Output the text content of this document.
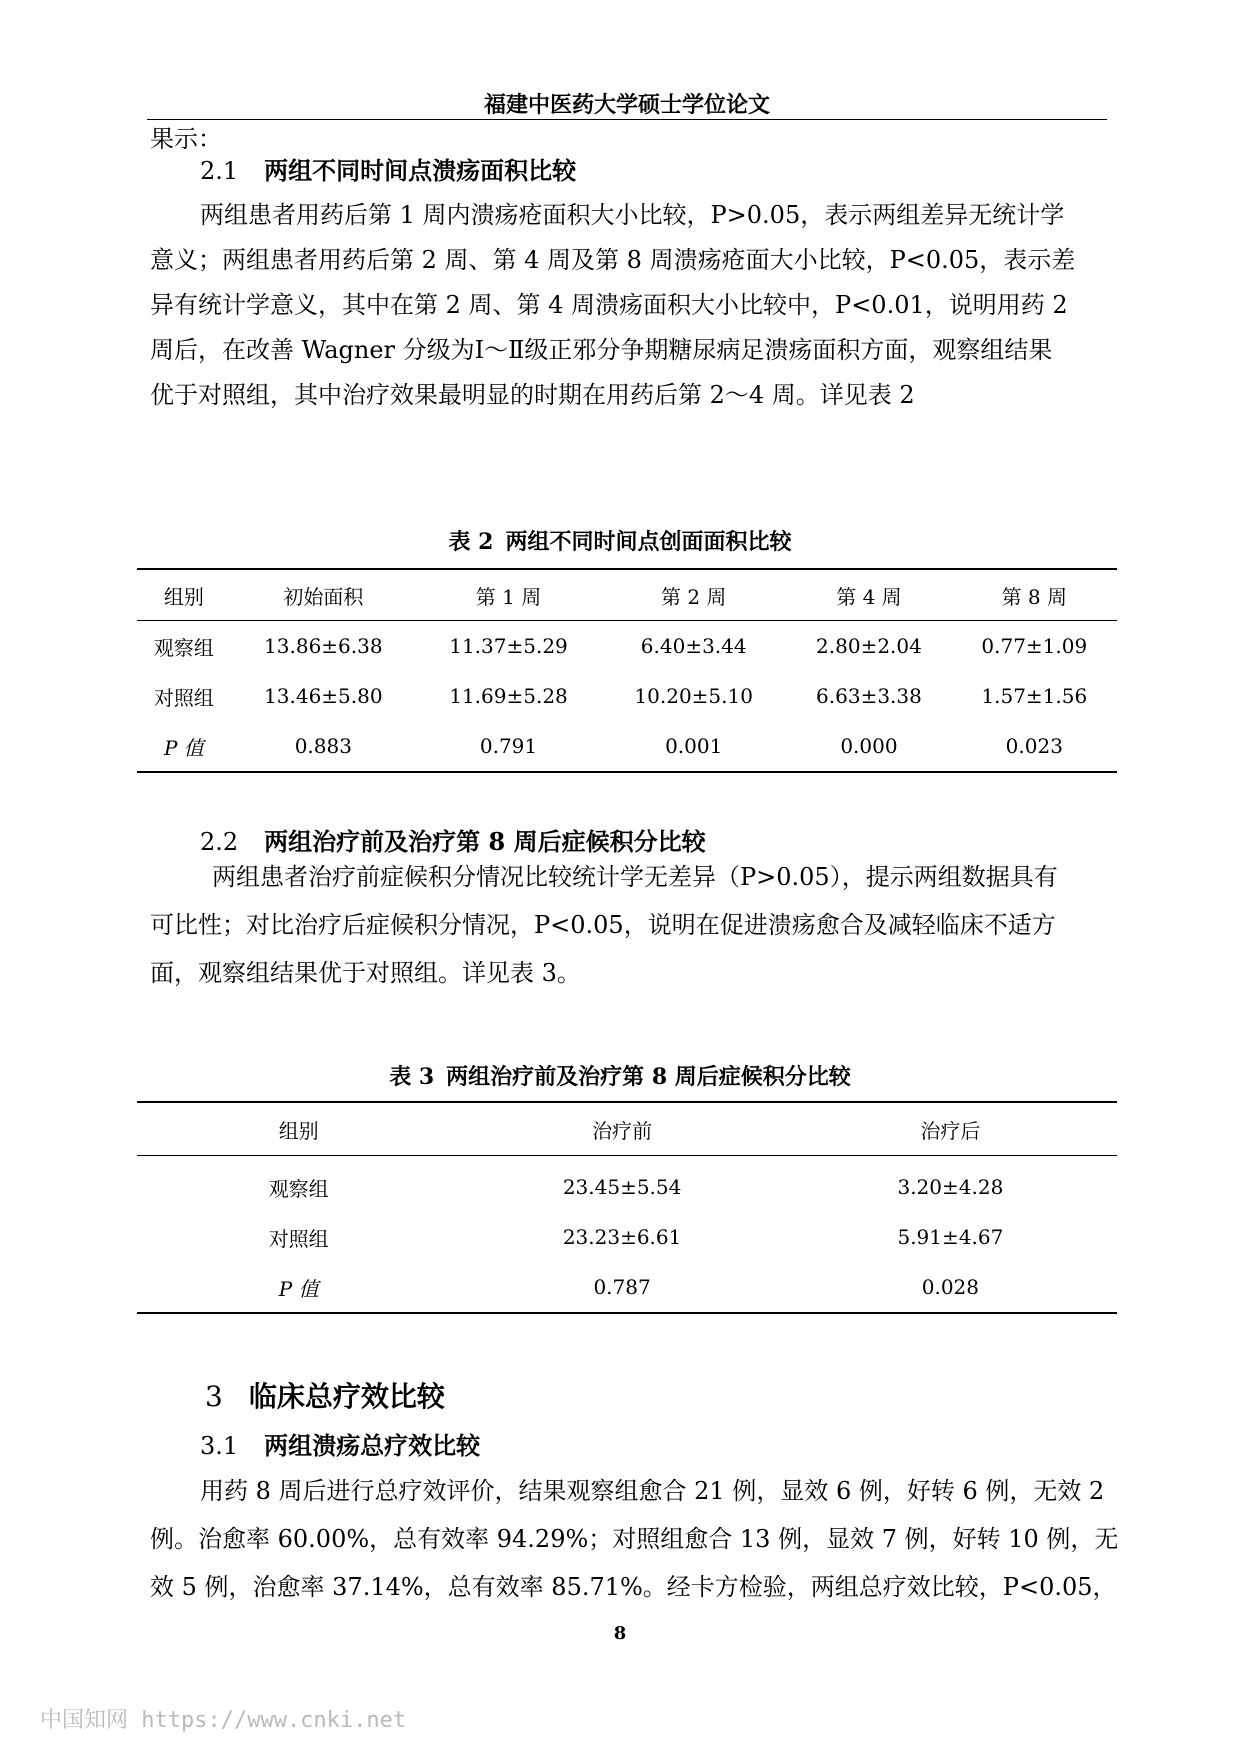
福建中医药大学硕士学位论文
果示：
2.1 两组不同时间点溃疡面积比较
两组患者用药后第 1 周内溃疡疮面积大小比较，P>0.05，表示两组差异无统计学
意义；两组患者用药后第 2 周、第 4 周及第 8 周溃疡疮面大小比较，P<0.05，表示差
异有统计学意义，其中在第 2 周、第 4 周溃疡面积大小比较中，P<0.01，说明用药 2
周后，在改善 Wagner 分级为Ⅰ～Ⅱ级正邪分争期糖尿病足溃疡面积方面，观察组结果
优于对照组，其中治疗效果最明显的时期在用药后第 2～4 周。详见表 2
表 2 两组不同时间点创面面积比较
组别	初始面积	第 1 周	第 2 周	第 4 周	第 8 周
观察组	13.86±6.38	11.37±5.29	6.40±3.44	2.80±2.04	0.77±1.09
对照组	13.46±5.80	11.69±5.28	10.20±5.10	6.63±3.38	1.57±1.56
P 值	0.883	0.791	0.001	0.000	0.023
2.2 两组治疗前及治疗第 8 周后症候积分比较
两组患者治疗前症候积分情况比较统计学无差异（P>0.05），提示两组数据具有
可比性；对比治疗后症候积分情况，P<0.05，说明在促进溃疡愈合及减轻临床不适方
面，观察组结果优于对照组。详见表 3。
表 3 两组治疗前及治疗第 8 周后症候积分比较
组别	治疗前	治疗后
观察组	23.45±5.54	3.20±4.28
对照组	23.23±6.61	5.91±4.67
P 值	0.787	0.028
3 临床总疗效比较
3.1 两组溃疡总疗效比较
用药 8 周后进行总疗效评价，结果观察组愈合 21 例，显效 6 例，好转 6 例，无效 2
例。治愈率 60.00%，总有效率 94.29%；对照组愈合 13 例，显效 7 例，好转 10 例，无
效 5 例，治愈率 37.14%，总有效率 85.71%。经卡方检验，两组总疗效比较，P<0.05，
8
中国知网 https://www.cnki.net
